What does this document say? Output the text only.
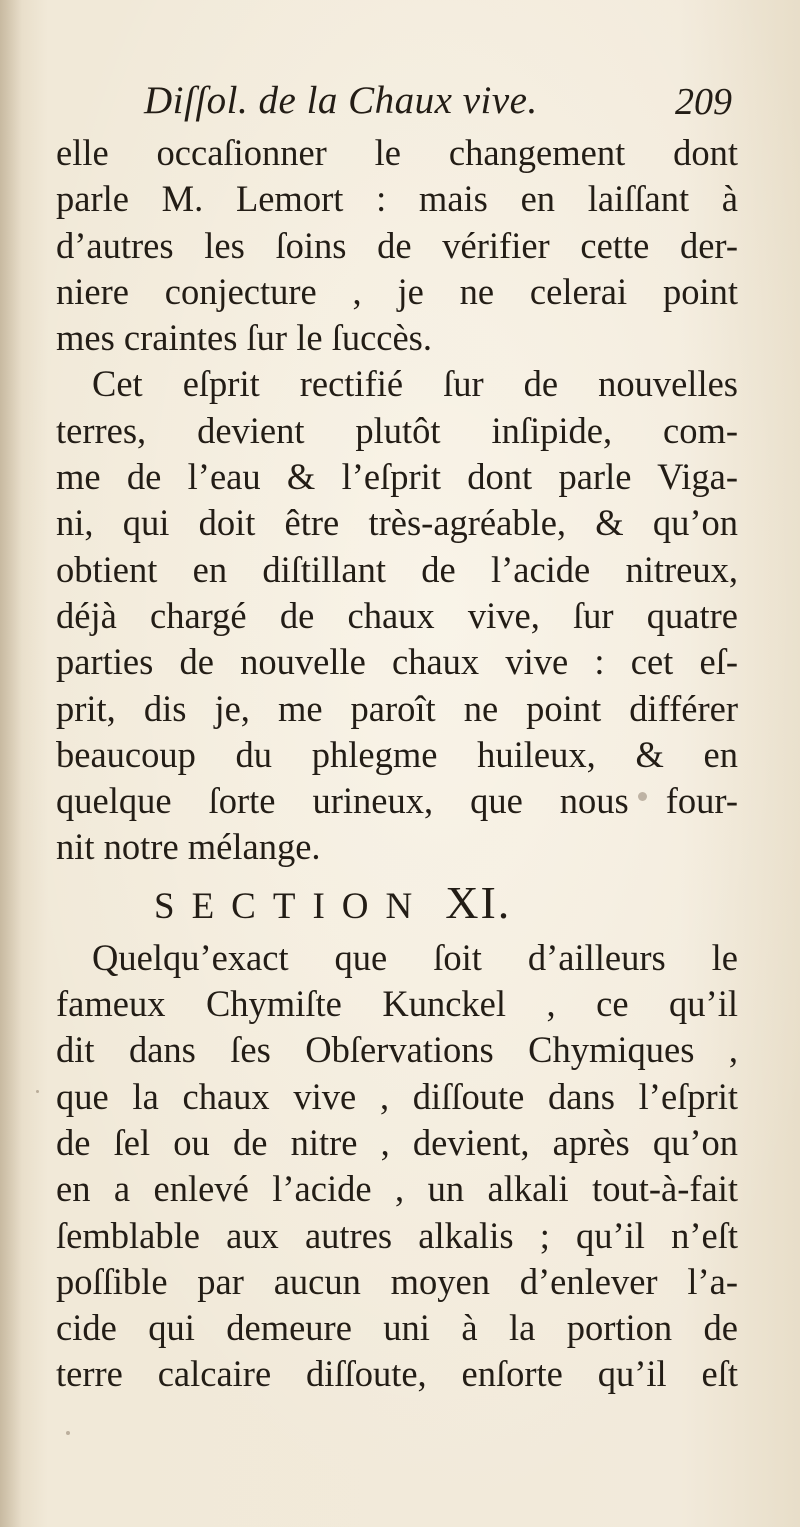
Diſſol. de la Chaux vive.	209
elle occaſionner le changement dont
parle M. Lemort : mais en laiſſant à
d’autres les ſoins de vérifier cette der-
niere conjecture , je ne celerai point
mes craintes ſur le ſuccès.
Cet eſprit rectifié ſur de nouvelles
terres, devient plutôt inſipide, com-
me de l’eau & l’eſprit dont parle Viga-
ni, qui doit être très-agréable, & qu’on
obtient en diſtillant de l’acide nitreux,
déjà chargé de chaux vive, ſur quatre
parties de nouvelle chaux vive : cet eſ-
prit, dis je, me paroît ne point différer
beaucoup du phlegme huileux, & en
quelque ſorte urineux, que nous four-
nit notre mélange.
SECTION XI.
Quelqu’exact que ſoit d’ailleurs le
fameux Chymiſte Kunckel , ce qu’il
dit dans ſes Obſervations Chymiques ,
que la chaux vive , diſſoute dans l’eſprit
de ſel ou de nitre , devient, après qu’on
en a enlevé l’acide , un alkali tout-à-fait
ſemblable aux autres alkalis ; qu’il n’eſt
poſſible par aucun moyen d’enlever l’a-
cide qui demeure uni à la portion de
terre calcaire diſſoute, enſorte qu’il eſt
